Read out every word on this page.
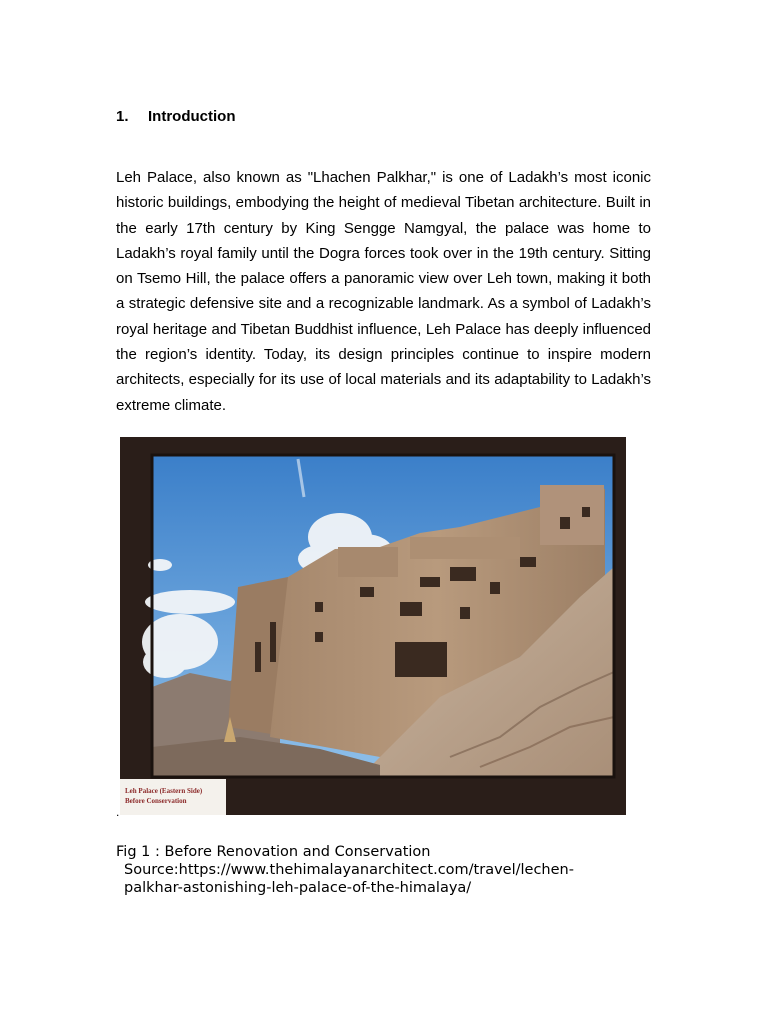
1. Introduction

Leh Palace, also known as "Lhachen Palkhar," is one of Ladakh’s most iconic historic buildings, embodying the height of medieval Tibetan architecture. Built in the early 17th century by King Sengge Namgyal, the palace was home to Ladakh’s royal family until the Dogra forces took over in the 19th century. Sitting on Tsemo Hill, the palace offers a panoramic view over Leh town, making it both a strategic defensive site and a recognizable landmark. As a symbol of Ladakh’s royal heritage and Tibetan Buddhist influence, Leh Palace has deeply influenced the region’s identity. Today, its design principles continue to inspire modern architects, especially for its use of local materials and its adaptability to Ladakh’s extreme climate.

Leh Palace (Eastern Side)
Before Conservation
.
Fig 1 : Before Renovation and Conservation
Source:https://www.thehimalayanarchitect.com/travel/lechen-
palkhar-astonishing-leh-palace-of-the-himalaya/
